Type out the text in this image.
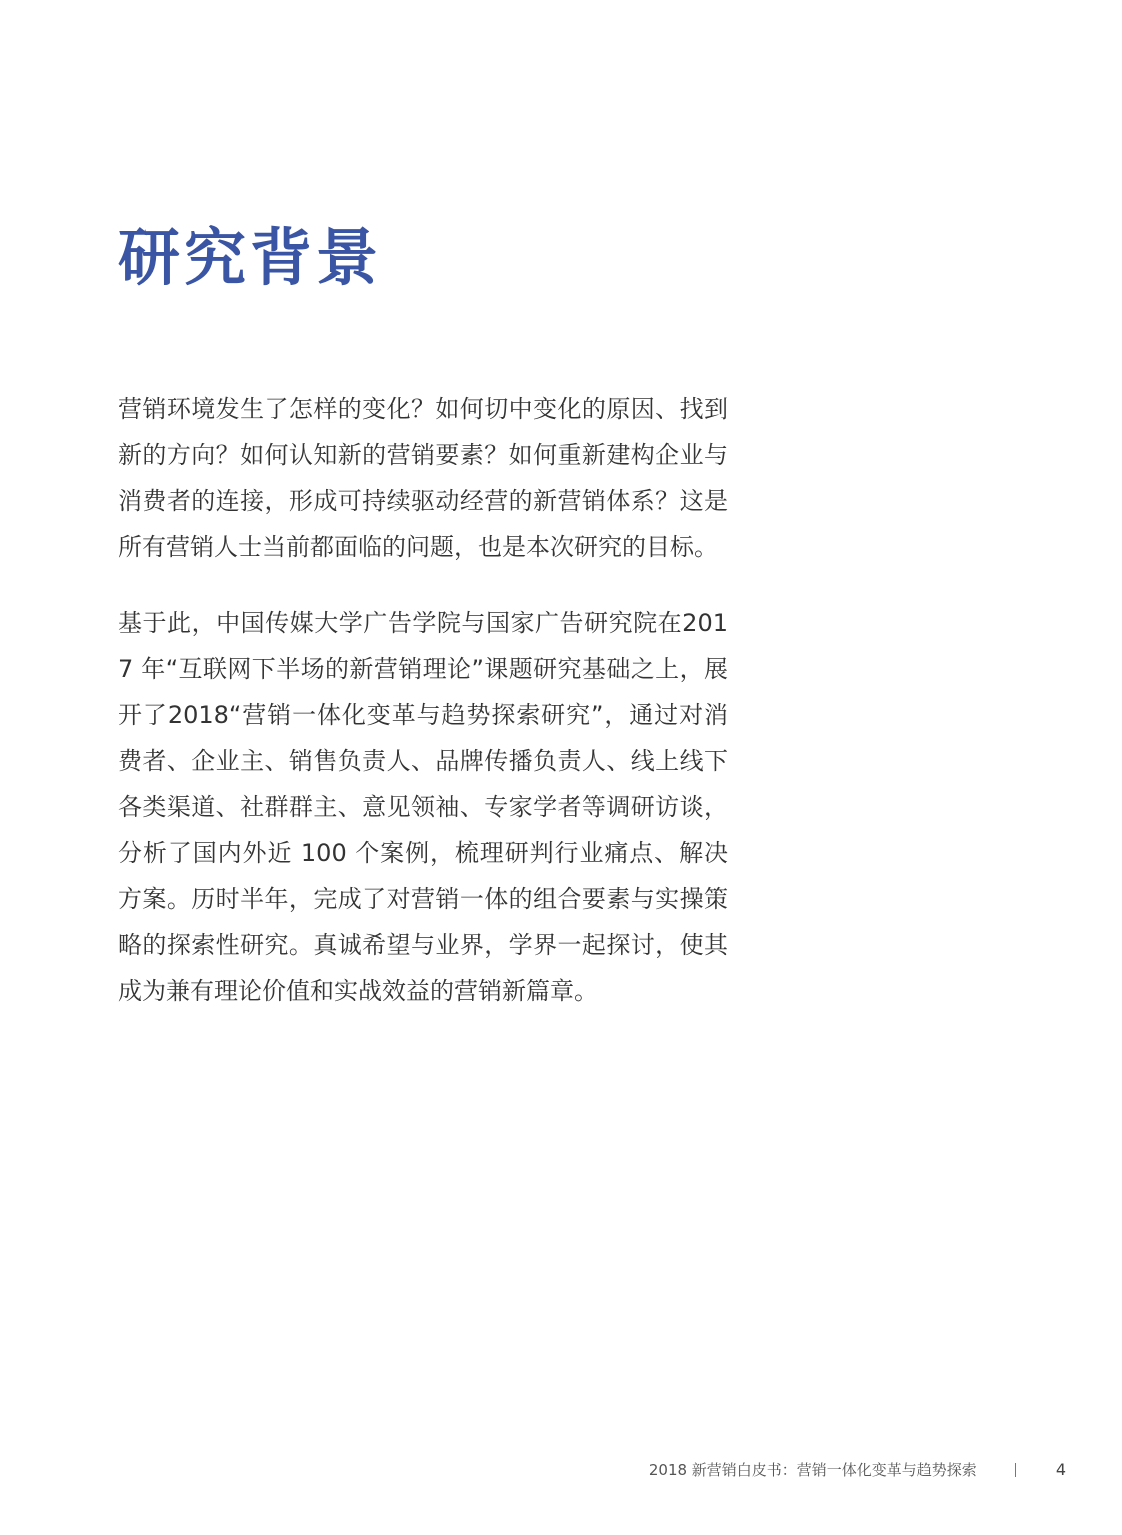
研究背景

营销环境发生了怎样的变化？如何切中变化的原因、找到新的方向？如何认知新的营销要素？如何重新建构企业与消费者的连接，形成可持续驱动经营的新营销体系？这是所有营销人士当前都面临的问题，也是本次研究的目标。

基于此，中国传媒大学广告学院与国家广告研究院在2017 年“互联网下半场的新营销理论”课题研究基础之上，展开了2018“营销一体化变革与趋势探索研究”，通过对消费者、企业主、销售负责人、品牌传播负责人、线上线下各类渠道、社群群主、意见领袖、专家学者等调研访谈，分析了国内外近 100 个案例，梳理研判行业痛点、解决方案。历时半年，完成了对营销一体的组合要素与实操策略的探索性研究。真诚希望与业界，学界一起探讨，使其成为兼有理论价值和实战效益的营销新篇章。

2018 新营销白皮书：营销一体化变革与趋势探索	4
